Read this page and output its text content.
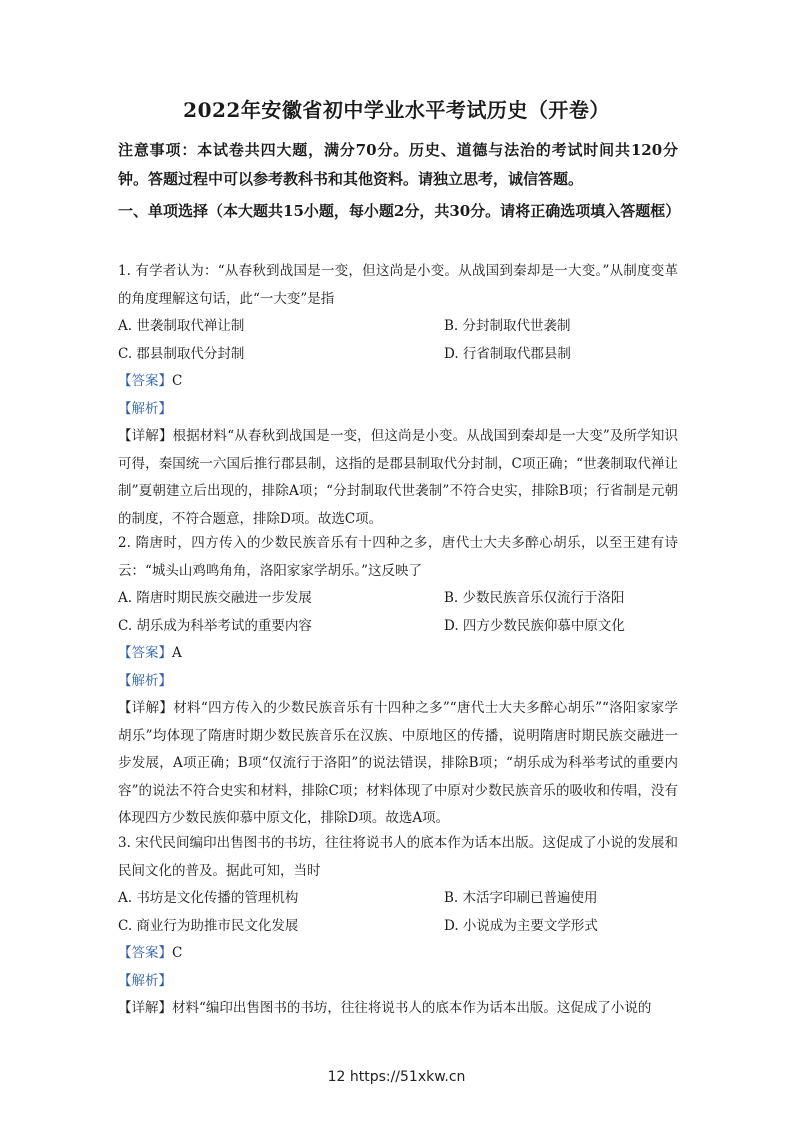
2022年安徽省初中学业水平考试历史（开卷）
注意事项：本试卷共四大题，满分70分。历史、道德与法治的考试时间共120分钟。答题过程中可以参考教科书和其他资料。请独立思考，诚信答题。
一、单项选择（本大题共15小题，每小题2分，共30分。请将正确选项填入答题框）

1. 有学者认为：“从春秋到战国是一变，但这尚是小变。从战国到秦却是一大变。”从制度变革的角度理解这句话，此“一大变”是指

A. 世袭制取代禅让制	B. 分封制取代世袭制
C. 郡县制取代分封制	D. 行省制取代郡县制
【答案】C
【解析】

【详解】根据材料“从春秋到战国是一变，但这尚是小变。从战国到秦却是一大变”及所学知识可得，秦国统一六国后推行郡县制，这指的是郡县制取代分封制，C项正确；“世袭制取代禅让制”夏朝建立后出现的，排除A项；“分封制取代世袭制”不符合史实，排除B项；行省制是元朝的制度，不符合题意，排除D项。故选C项。

2. 隋唐时，四方传入的少数民族音乐有十四种之多，唐代士大夫多醉心胡乐，以至王建有诗云：“城头山鸡鸣角角，洛阳家家学胡乐。”这反映了

A. 隋唐时期民族交融进一步发展	B. 少数民族音乐仅流行于洛阳
C. 胡乐成为科举考试的重要内容	D. 四方少数民族仰慕中原文化
【答案】A
【解析】

【详解】材料“四方传入的少数民族音乐有十四种之多”“唐代士大夫多醉心胡乐”“洛阳家家学胡乐”均体现了隋唐时期少数民族音乐在汉族、中原地区的传播，说明隋唐时期民族交融进一步发展，A项正确；B项“仅流行于洛阳”的说法错误，排除B项；“胡乐成为科举考试的重要内容”的说法不符合史实和材料，排除C项；材料体现了中原对少数民族音乐的吸收和传唱，没有体现四方少数民族仰慕中原文化，排除D项。故选A项。

3. 宋代民间编印出售图书的书坊，往往将说书人的底本作为话本出版。这促成了小说的发展和民间文化的普及。据此可知，当时

A. 书坊是文化传播的管理机构	B. 木活字印刷已普遍使用
C. 商业行为助推市民文化发展	D. 小说成为主要文学形式
【答案】C
【解析】

【详解】材料“编印出售图书的书坊，往往将说书人的底本作为话本出版。这促成了小说的

12 https://51xkw.cn
